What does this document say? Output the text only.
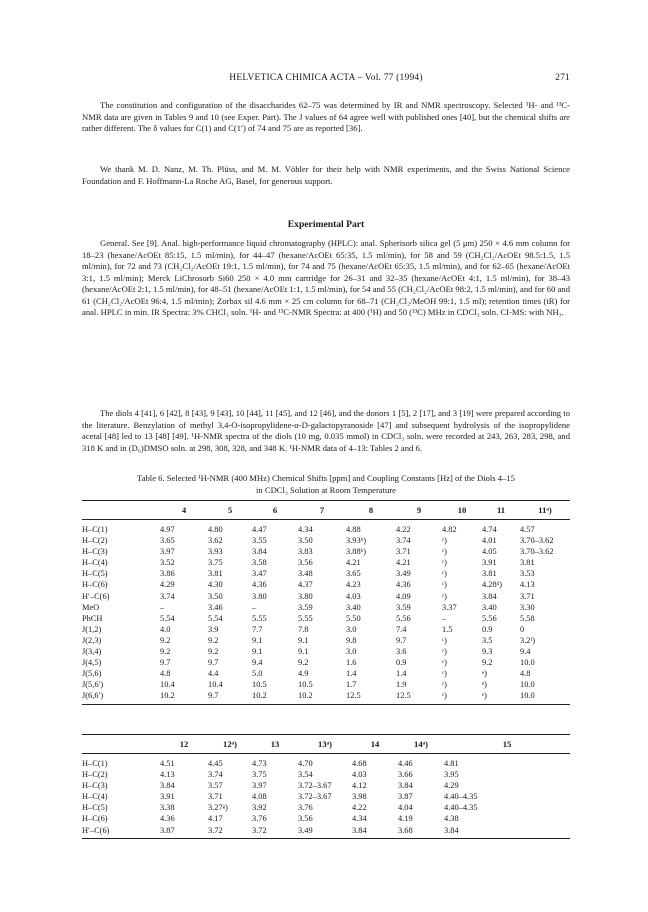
HELVETICA CHIMICA ACTA – Vol. 77 (1994)	271

The constitution and configuration of the disaccharides 62–75 was determined by IR and NMR spectroscopy. Selected ¹H- and ¹³C-NMR data are given in Tables 9 and 10 (see Exper. Part). The J values of 64 agree well with published ones [40], but the chemical shifts are rather different. The δ values for C(1) and C(1′) of 74 and 75 are as reported [36].

We thank M. D. Nanz, M. Th. Plüss, and M. M. Vöhler for their help with NMR experiments, and the Swiss National Science Foundation and F. Hoffmann-La Roche AG, Basel, for generous support.

Experimental Part

General. See [9]. Anal. high-performance liquid chromatography (HPLC): anal. Spherisorb silica gel (5 μm) 250 × 4.6 mm column for 18–23 (hexane/AcOEt 85:15, 1.5 ml/min), for 44–47 (hexane/AcOEt 65:35, 1.5 ml/min), for 58 and 59 (CH₂Cl₂/AcOEt 98.5:1.5, 1.5 ml/min), for 72 and 73 (CH₂Cl₂/AcOEt 19:1, 1.5 ml/min), for 74 and 75 (hexane/AcOEt 65:35, 1.5 ml/min), and for 62–65 (hexane/AcOEt 3:1, 1.5 ml/min); Merck LiChrosorb Si60 250 × 4.0 mm cartridge for 26–31 and 32–35 (hexane/AcOEt 4:1, 1.5 ml/min), for 38–43 (hexane/AcOEt 2:1, 1.5 ml/min), for 48–51 (hexane/AcOEt 1:1, 1.5 ml/min), for 54 and 55 (CH₂Cl₂/AcOEt 98:2, 1.5 ml/min), and for 60 and 61 (CH₂Cl₂/AcOEt 96:4, 1.5 ml/min); Zorbax sil 4.6 mm × 25 cm column for 68–71 (CH₂Cl₂/MeOH 99:1, 1.5 ml); retention times (tR) for anal. HPLC in min. IR Spectra: 3% CHCl₃ soln. ¹H- and ¹³C-NMR Spectra: at 400 (¹H) and 50 (¹³C) MHz in CDCl₃ soln. CI-MS: with NH₃.

The diols 4 [41], 6 [42], 8 [43], 9 [43], 10 [44], 11 [45], and 12 [46], and the donors 1 [5], 2 [17], and 3 [19] were prepared according to the literature. Benzylation of methyl 3,4-O-isopropylidene-α-D-galactopyranoside [47] and subsequent hydrolysis of the isopropylidene acetal [48] led to 13 [48] [49]. ¹H-NMR spectra of the diols (10 mg, 0.035 mmol) in CDCl₃ soln. were recorded at 243, 263, 283, 298, and 318 K and in (D₆)DMSO soln. at 298, 308, 328, and 348 K. ¹H-NMR data of 4–13: Tables 2 and 6.

Table 6. Selected ¹H-NMR (400 MHz) Chemical Shifts [ppm] and Coupling Constants [Hz] of the Diols 4–15
in CDCl₃ Solution at Room Temperature
	4	5	6	7	8	9	10	11	11ᵃ)
H–C(1)	4.97	4.80	4.47	4.34	4.88	4.22	4.82	4.74	4.57
H–C(2)	3.65	3.62	3.55	3.50	3.93ᵇ)	3.74	ᶜ)	4.01	3.70–3.62
H–C(3)	3.97	3.93	3.84	3.83	3.88ᵇ)	3.71	ᶜ)	4.05	3.70–3.62
H–C(4)	3.52	3.75	3.58	3.56	4.21	4.21	ᶜ)	3.91	3.81
H–C(5)	3.86	3.81	3.47	3.48	3.65	3.49	ᶜ)	3.81	3.53
H–C(6)	4.29	4.30	4.36	4.37	4.23	4.36	ᶜ)	4.28ᵈ)	4.13
H′–C(6)	3.74	3.50	3.80	3.80	4.03	4.09	ᶜ)	3.84	3.71
MeO	–	3.46	–	3.59	3.40	3.59	3.37	3.40	3.30
PhCH	5.54	5.54	5.55	5.55	5.50	5.56	–	5.56	5.58
J(1,2)	4.0	3.9	7.7	7.8	3.0	7.4	1.5	0.9	0
J(2,3)	9.2	9.2	9.1	9.1	9.8	9.7	ᶜ)	3.5	3.2ᶠ)
J(3,4)	9.2	9.2	9.1	9.1	3.0	3.6	ᶜ)	9.3	9.4
J(4,5)	9.7	9.7	9.4	9.2	1.6	0.9	ᶜ)	9.2	10.0
J(5,6)	4.8	4.4	5.0	4.9	1.4	1.4	ᶜ)	ᵉ)	4.8
J(5,6′)	10.4	10.4	10.5	10.5	1.7	1.9	ᶜ)	ᵉ)	10.0
J(6,6′)	10.2	9.7	10.2	10.2	12.5	12.5	ᶜ)	ᵉ)	10.0
	12	12ᵃ)	13	13ᵃ)	14	14ᵃ)	15
H–C(1)	4.51	4.45	4.73	4.70	4.68	4.46	4.81
H–C(2)	4.13	3.74	3.75	3.54	4.03	3.66	3.95
H–C(3)	3.84	3.57	3.97	3.72–3.67	4.12	3.84	4.29
H–C(4)	3.91	3.71	4.08	3.72–3.67	3.98	3.87	4.40–4.35
H–C(5)	3.38	3.27ᵍ)	3.92	3.76	4.22	4.04	4.40–4.35
H–C(6)	4.36	4.17	3.76	3.56	4.34	4.19	4.38
H′–C(6)	3.87	3.72	3.72	3.49	3.84	3.68	3.84
